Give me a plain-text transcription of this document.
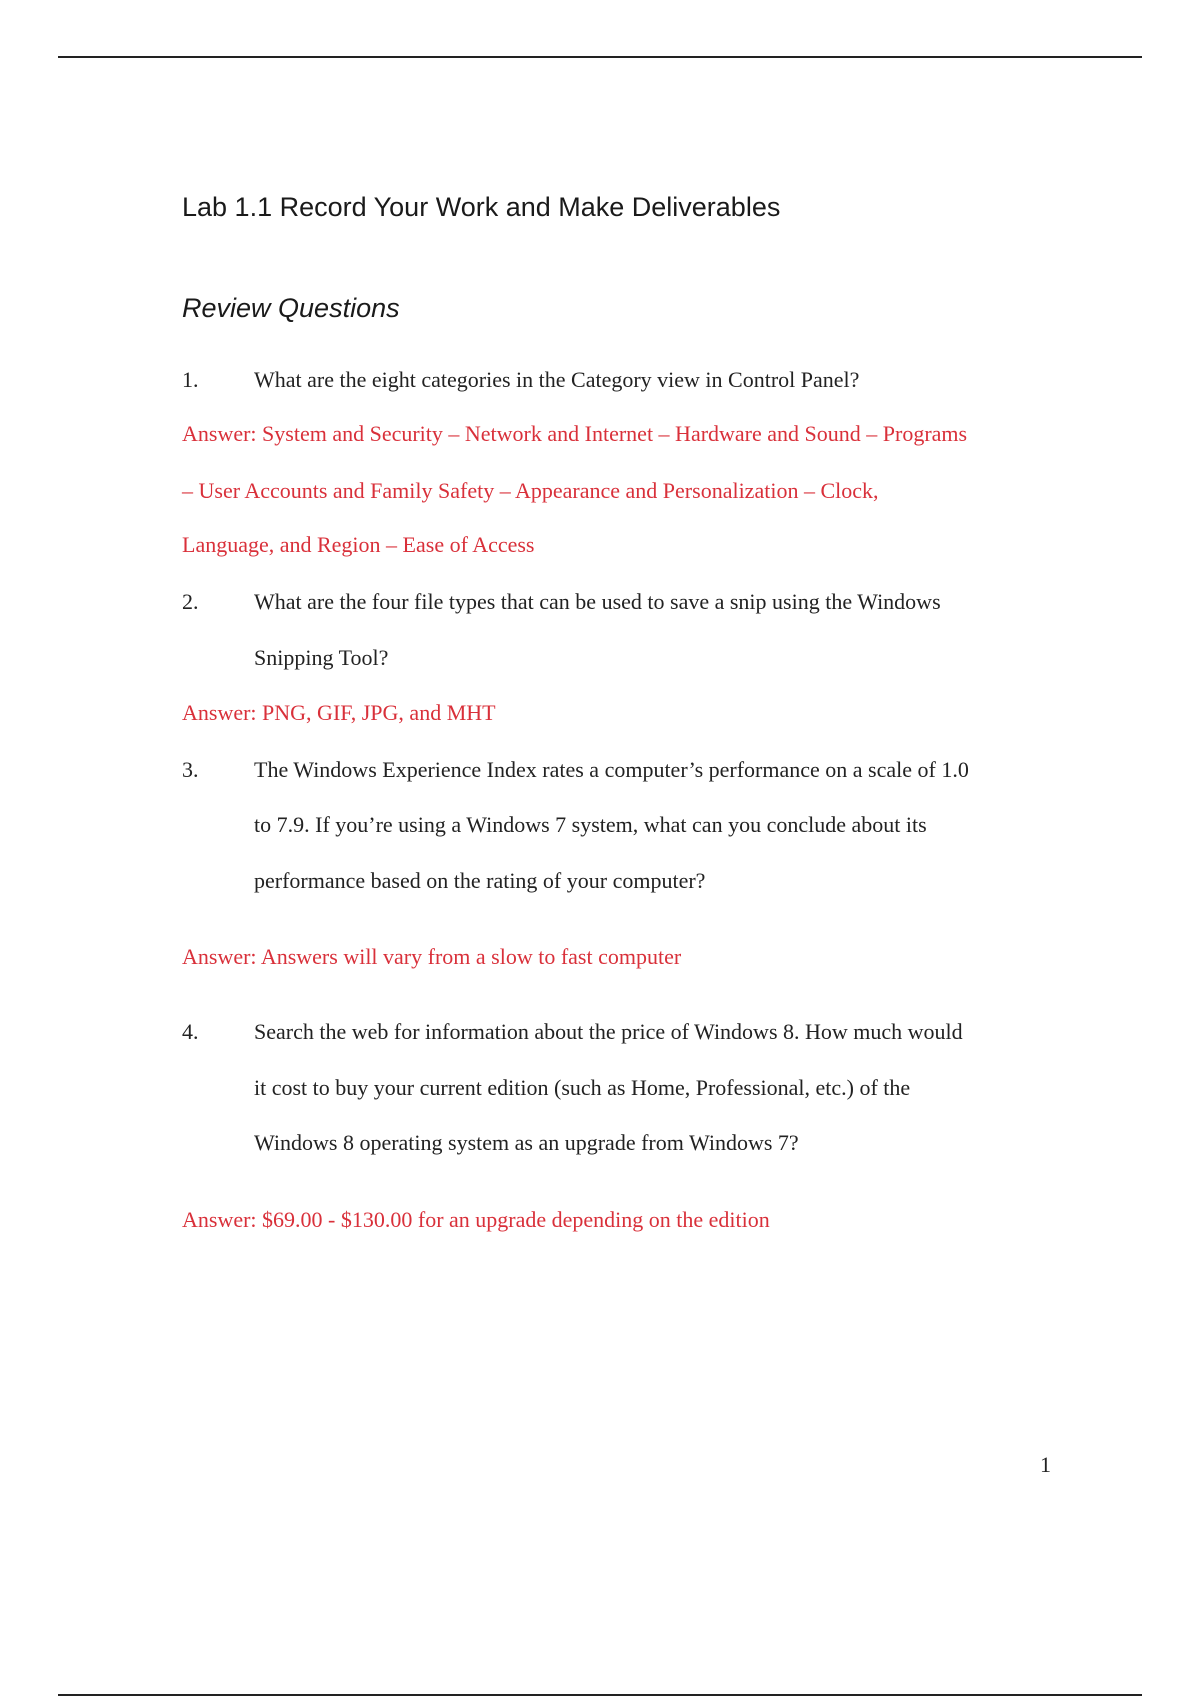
Lab 1.1 Record Your Work and Make Deliverables
Review Questions
1.	What are the eight categories in the Category view in Control Panel?
Answer: System and Security – Network and Internet – Hardware and Sound – Programs
– User Accounts and Family Safety – Appearance and Personalization – Clock,
Language, and Region – Ease of Access
2.	What are the four file types that can be used to save a snip using the Windows
Snipping Tool?
Answer: PNG, GIF, JPG, and MHT
3.	The Windows Experience Index rates a computer’s performance on a scale of 1.0
to 7.9. If you’re using a Windows 7 system, what can you conclude about its
performance based on the rating of your computer?
Answer: Answers will vary from a slow to fast computer
4.	Search the web for information about the price of Windows 8. How much would
it cost to buy your current edition (such as Home, Professional, etc.) of the
Windows 8 operating system as an upgrade from Windows 7?
Answer: $69.00 - $130.00 for an upgrade depending on the edition
1
